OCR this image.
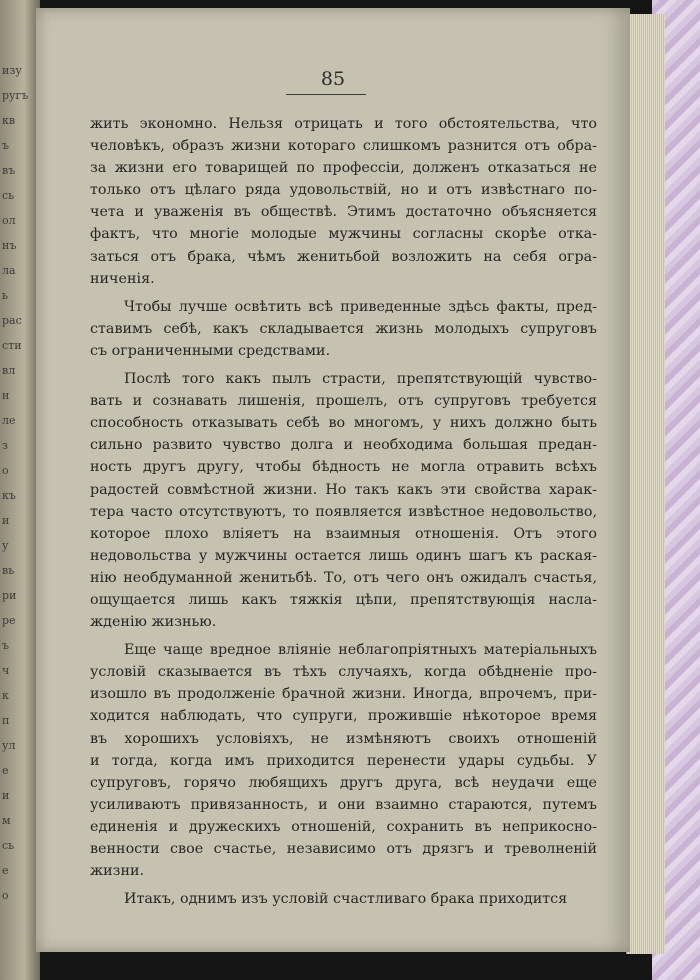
изу
ругъ
кв
ъ
въ
сь
ол
нъ
ла
ь
рас
сти
вл
н
ле
з
о
къ
и
у
вь
ри
ре
ъ
ч
к
п
ул
е
и
м
сь
е
о
85
жить экономно. Нельзя отрицать и того обстоятельства, что
человѣкъ, образъ жизни котораго слишкомъ разнится отъ обра-
за жизни его товарищей по профессіи, долженъ отказаться не
только отъ цѣлаго ряда удовольствій, но и отъ извѣстнаго по-
чета и уваженія въ обществѣ. Этимъ достаточно объясняется
фактъ, что многіе молодые мужчины согласны скорѣе отка-
заться отъ брака, чѣмъ женитьбой возложить на себя огра-
ниченія.
Чтобы лучше освѣтить всѣ приведенные здѣсь факты, пред-
ставимъ себѣ, какъ складывается жизнь молодыхъ супруговъ
съ ограниченными средствами.
Послѣ того какъ пылъ страсти, препятствующій чувство-
вать и сознавать лишенія, прошелъ, отъ супруговъ требуется
способность отказывать себѣ во многомъ, у нихъ должно быть
сильно развито чувство долга и необходима большая предан-
ность другъ другу, чтобы бѣдность не могла отравить всѣхъ
радостей совмѣстной жизни. Но такъ какъ эти свойства харак-
тера часто отсутствуютъ, то появляется извѣстное недовольство,
которое плохо вліяетъ на взаимныя отношенія. Отъ этого
недовольства у мужчины остается лишь одинъ шагъ къ раская-
нію необдуманной женитьбѣ. То, отъ чего онъ ожидалъ счастья,
ощущается лишь какъ тяжкія цѣпи, препятствующія насла-
жденію жизнью.
Еще чаще вредное вліяніе неблагопріятныхъ матеріальныхъ
условій сказывается въ тѣхъ случаяхъ, когда обѣдненіе про-
изошло въ продолженіе брачной жизни. Иногда, впрочемъ, при-
ходится наблюдать, что супруги, прожившіе нѣкоторое время
въ хорошихъ условіяхъ, не измѣняютъ своихъ отношеній
и тогда, когда имъ приходится перенести удары судьбы. У
супруговъ, горячо любящихъ другъ друга, всѣ неудачи еще
усиливаютъ привязанность, и они взаимно стараются, путемъ
единенія и дружескихъ отношеній, сохранить въ неприкосно-
венности свое счастье, независимо отъ дрязгъ и треволненій
жизни.
Итакъ, однимъ изъ условій счастливаго брака приходится
